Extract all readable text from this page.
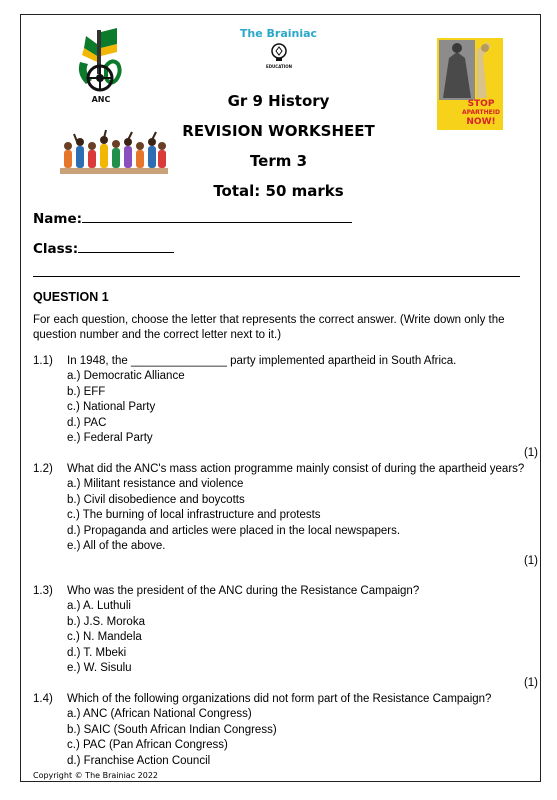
ANC	STOP
APARTHEID
NOW!
The Brainiac
EDUCATION
Gr 9 History
REVISION WORKSHEET
Term 3
Total: 50 marks
Name:
Class:
QUESTION 1
For each question, choose the letter that represents the correct answer. (Write down only the question number and the correct letter next to it.)
1.1) In 1948, the _______________ party implemented apartheid in South Africa.
a.) Democratic Alliance
b.) EFF
c.) National Party
d.) PAC
e.) Federal Party
(1)
1.2) What did the ANC's mass action programme mainly consist of during the apartheid years?
a.) Militant resistance and violence
b.) Civil disobedience and boycotts
c.) The burning of local infrastructure and protests
d.) Propaganda and articles were placed in the local newspapers.
e.) All of the above.
(1)
1.3) Who was the president of the ANC during the Resistance Campaign?
a.) A. Luthuli
b.) J.S. Moroka
c.) N. Mandela
d.) T. Mbeki
e.) W. Sisulu
(1)
1.4) Which of the following organizations did not form part of the Resistance Campaign?
a.) ANC (African National Congress)
b.) SAIC (South African Indian Congress)
c.) PAC (Pan African Congress)
d.) Franchise Action Council
Copyright © The Brainiac 2022
